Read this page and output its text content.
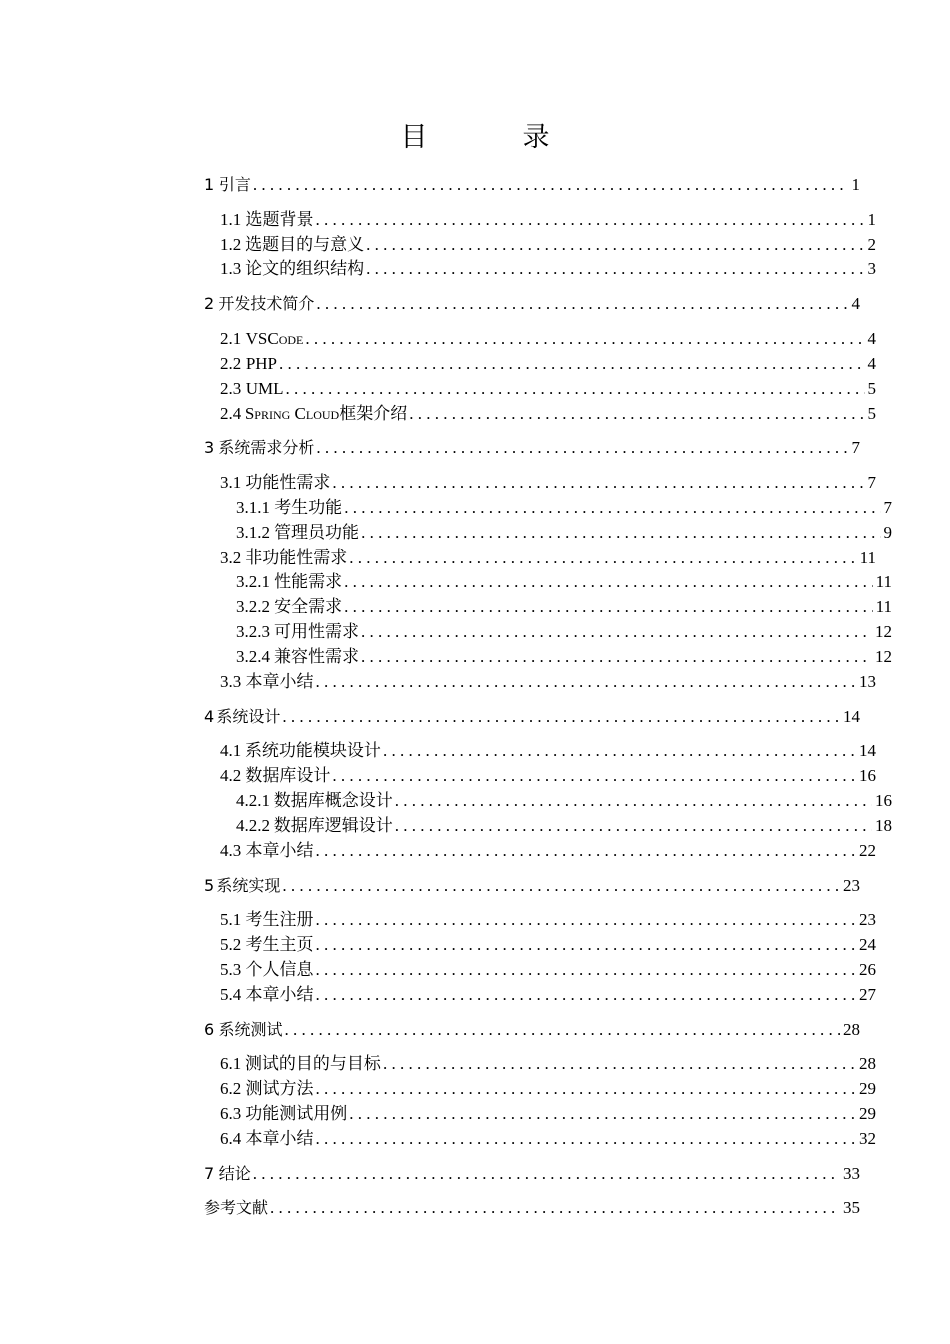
目　录
1 引言 . . .	1
1.1 选题背景 . . .	1
1.2 选题目的与意义 . . .	2
1.3 论文的组织结构 . . .	3
2 开发技术简介 . . .	4
2.1 VSCode . . .	4
2.2 PHP . . .	4
2.3 UML . . .	5
2.4 Spring Cloud 框架介绍 . . .	5
3 系统需求分析 . . .	7
3.1 功能性需求 . . .	7
3.1.1 考生功能 . . .	7
3.1.2 管理员功能 . . .	9
3.2 非功能性需求 . . .	11
3.2.1 性能需求 . . .	11
3.2.2 安全需求 . . .	11
3.2.3 可用性需求 . . .	12
3.2.4 兼容性需求 . . .	12
3.3 本章小结 . . .	13
4 系统设计 . . .	14
4.1 系统功能模块设计 . . .	14
4.2 数据库设计 . . .	16
4.2.1 数据库概念设计 . . .	16
4.2.2 数据库逻辑设计 . . .	18
4.3 本章小结 . . .	22
5 系统实现 . . .	23
5.1 考生注册 . . .	23
5.2 考生主页 . . .	24
5.3 个人信息 . . .	26
5.4 本章小结 . . .	27
6 系统测试 . . .	28
6.1 测试的目的与目标 . . .	28
6.2 测试方法 . . .	29
6.3 功能测试用例 . . .	29
6.4 本章小结 . . .	32
7 结论 . . .	33
参考文献 . . .	35
